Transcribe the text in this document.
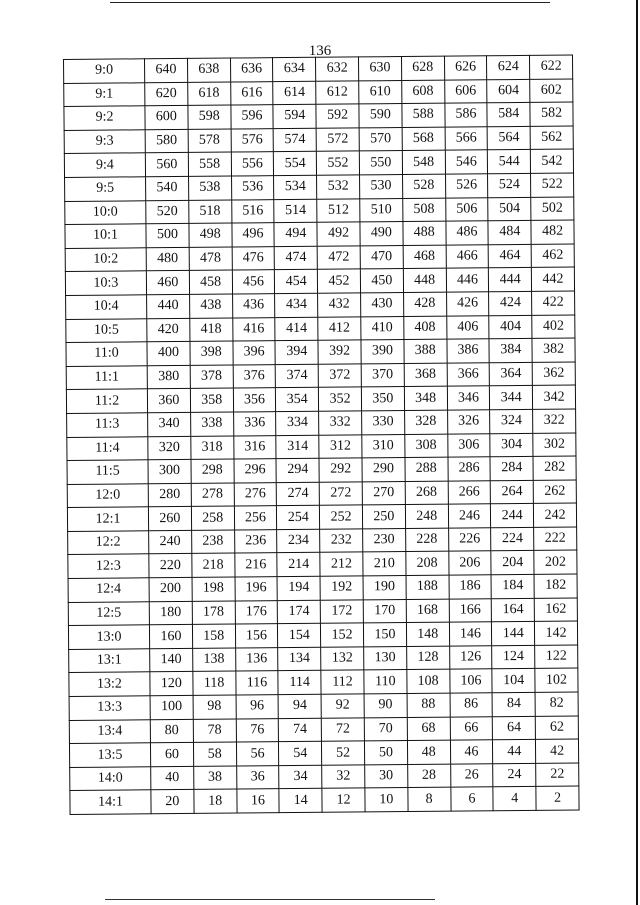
136
9:0	640	638	636	634	632	630	628	626	624	622
9:1	620	618	616	614	612	610	608	606	604	602
9:2	600	598	596	594	592	590	588	586	584	582
9:3	580	578	576	574	572	570	568	566	564	562
9:4	560	558	556	554	552	550	548	546	544	542
9:5	540	538	536	534	532	530	528	526	524	522
10:0	520	518	516	514	512	510	508	506	504	502
10:1	500	498	496	494	492	490	488	486	484	482
10:2	480	478	476	474	472	470	468	466	464	462
10:3	460	458	456	454	452	450	448	446	444	442
10:4	440	438	436	434	432	430	428	426	424	422
10:5	420	418	416	414	412	410	408	406	404	402
11:0	400	398	396	394	392	390	388	386	384	382
11:1	380	378	376	374	372	370	368	366	364	362
11:2	360	358	356	354	352	350	348	346	344	342
11:3	340	338	336	334	332	330	328	326	324	322
11:4	320	318	316	314	312	310	308	306	304	302
11:5	300	298	296	294	292	290	288	286	284	282
12:0	280	278	276	274	272	270	268	266	264	262
12:1	260	258	256	254	252	250	248	246	244	242
12:2	240	238	236	234	232	230	228	226	224	222
12:3	220	218	216	214	212	210	208	206	204	202
12:4	200	198	196	194	192	190	188	186	184	182
12:5	180	178	176	174	172	170	168	166	164	162
13:0	160	158	156	154	152	150	148	146	144	142
13:1	140	138	136	134	132	130	128	126	124	122
13:2	120	118	116	114	112	110	108	106	104	102
13:3	100	98	96	94	92	90	88	86	84	82
13:4	80	78	76	74	72	70	68	66	64	62
13:5	60	58	56	54	52	50	48	46	44	42
14:0	40	38	36	34	32	30	28	26	24	22
14:1	20	18	16	14	12	10	8	6	4	2
